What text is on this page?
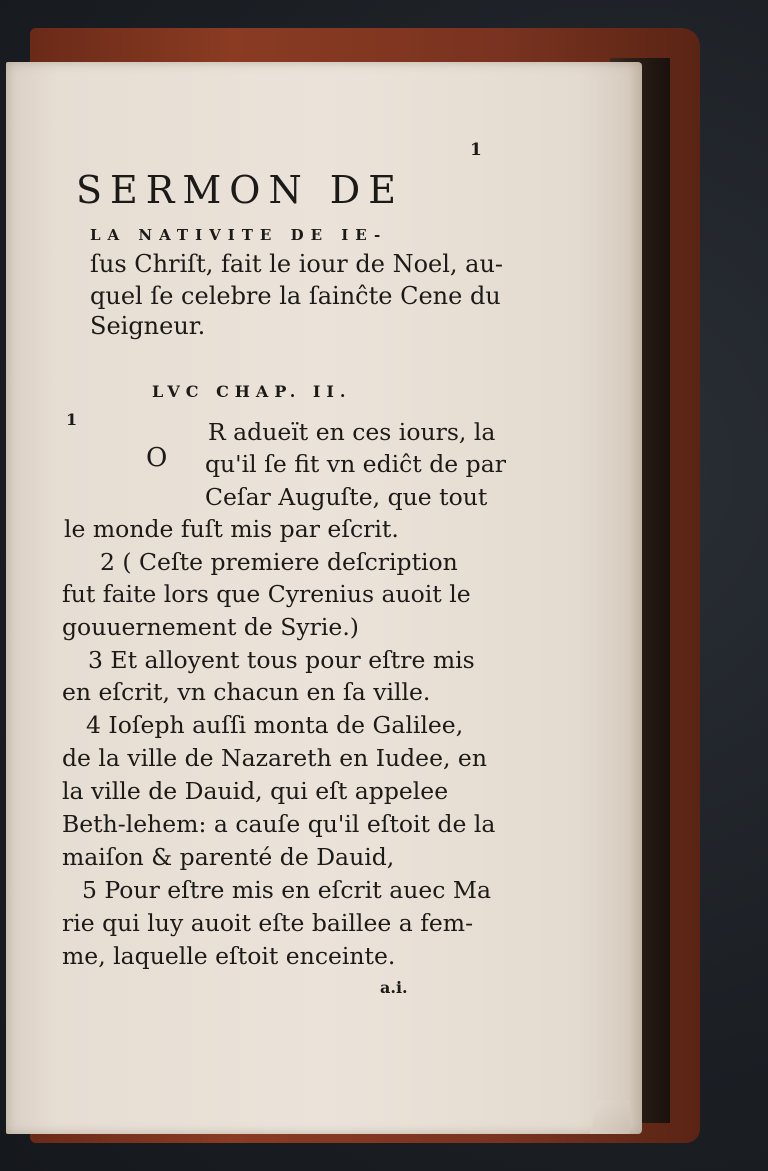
1
SERMON DE
LA NATIVITE DE IE-
ſus Chriſt, fait le iour de Noel, au-
quel ſe celebre la ſainĉte Cene du
Seigneur.
LVC CHAP. II.
1
O
R adueït en ces iours, la
qu'il ſe fit vn ediĉt de par
Ceſar Auguſte, que tout
le monde fuſt mis par eſcrit.
2 ( Ceſte premiere deſcription
fut faite lors que Cyrenius auoit le
gouuernement de Syrie.)
3 Et alloyent tous pour eſtre mis
en eſcrit, vn chacun en ſa ville.
4 Ioſeph auſſi monta de Galilee,
de la ville de Nazareth en Iudee, en
la ville de Dauid, qui eſt appelee
Beth-lehem: a cauſe qu'il eſtoit de la
maiſon & parenté de Dauid,
5 Pour eſtre mis en eſcrit auec Ma
rie qui luy auoit eſte baillee a fem-
me, laquelle eſtoit enceinte.
a.i.
